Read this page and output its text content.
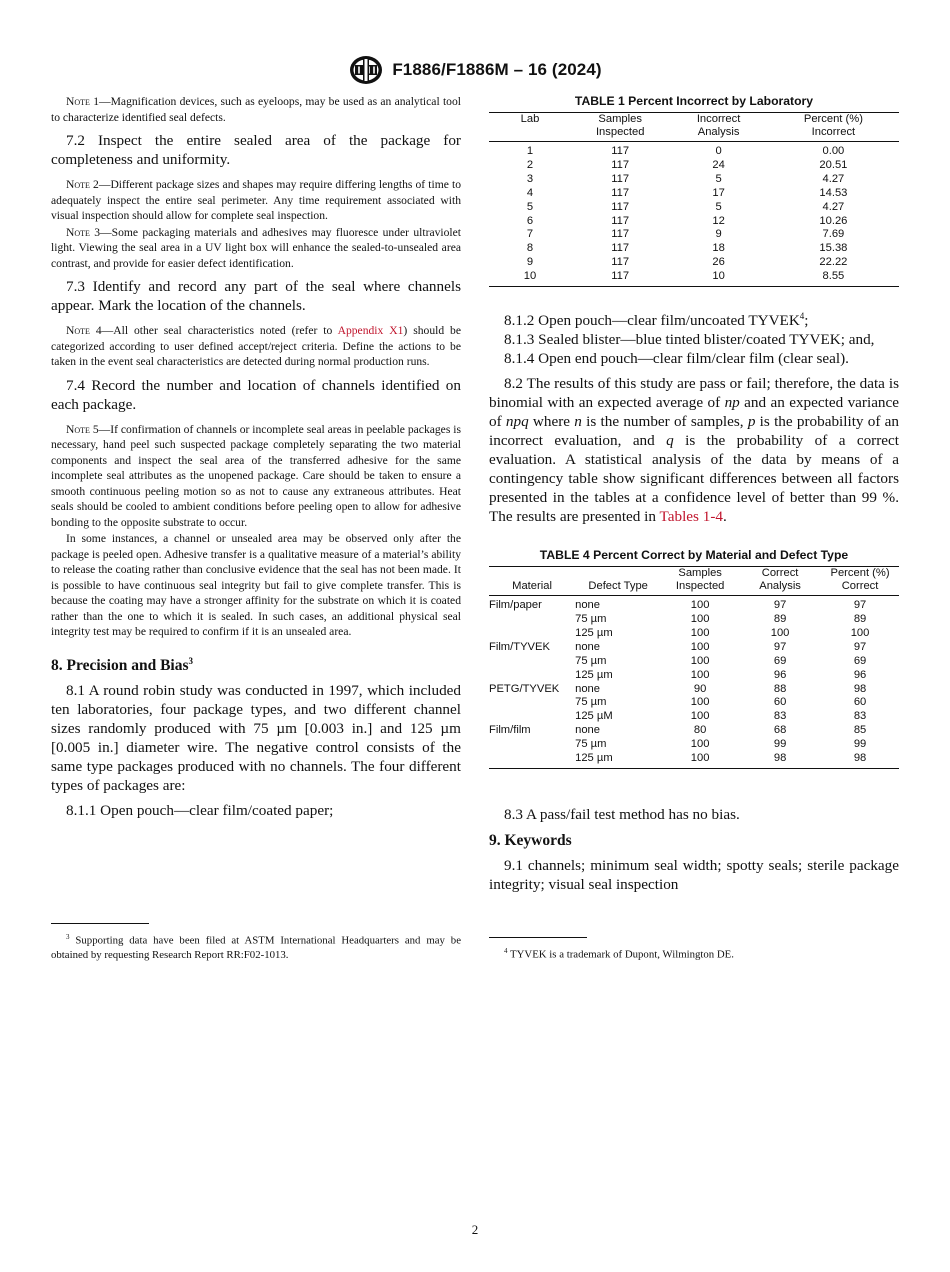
F1886/F1886M – 16 (2024)

Note 1—Magnification devices, such as eyeloops, may be used as an analytical tool to characterize identified seal defects.

7.2 Inspect the entire sealed area of the package for completeness and uniformity.

Note 2—Different package sizes and shapes may require differing lengths of time to adequately inspect the entire seal perimeter. Any time requirement associated with visual inspection should allow for complete seal inspection.

Note 3—Some packaging materials and adhesives may fluoresce under ultraviolet light. Viewing the seal area in a UV light box will enhance the sealed-to-unsealed area contrast, and provide for easier defect identification.

7.3 Identify and record any part of the seal where channels appear. Mark the location of the channels.

Note 4—All other seal characteristics noted (refer to Appendix X1) should be categorized according to user defined accept/reject criteria. Define the actions to be taken in the event seal characteristics are detected during normal production runs.

7.4 Record the number and location of channels identified on each package.

Note 5—If confirmation of channels or incomplete seal areas in peelable packages is necessary, hand peel such suspected package completely separating the two material components and inspect the seal area of the transferred adhesive for the same incomplete seal attributes as the unopened package. Care should be taken to ensure a smooth continuous peeling motion so as not to cause any extraneous attributes. Heat seals should be cooled to ambient conditions before peeling open to allow for adhesive bonding to the opposite substrate to occur.

In some instances, a channel or unsealed area may be observed only after the package is peeled open. Adhesive transfer is a qualitative measure of a material’s ability to release the coating rather than conclusive evidence that the seal has not been made. It is possible to have continuous seal integrity but fail to give complete transfer. This is because the coating may have a stronger affinity for the substrate on which it is coated rather than the one to which it is sealed. In such cases, an additional physical seal integrity test may be required to confirm if it is an unsealed area.

8. Precision and Bias$^3$

8.1 A round robin study was conducted in 1997, which included ten laboratories, four package types, and two different channel sizes randomly produced with 75 µm [0.003 in.] and 125 µm [0.005 in.] diameter wire. The negative control consists of the same type packages produced with no channels. The four different types of packages are:

8.1.1 Open pouch—clear film/coated paper;

$^3$ Supporting data have been filed at ASTM International Headquarters and may be obtained by requesting Research Report RR:F02-1013.
TABLE 1 Percent Incorrect by Laboratory
Lab	Samples	Incorrect	Percent (%)
	Inspected	Analysis	Incorrect
1	117	0	0.00
2	117	24	20.51
3	117	5	4.27
4	117	17	14.53
5	117	5	4.27
6	117	12	10.26
7	117	9	7.69
8	117	18	15.38
9	117	26	22.22
10	117	10	8.55

8.1.2 Open pouch—clear film/uncoated TYVEK$^4$;

8.1.3 Sealed blister—blue tinted blister/coated TYVEK; and,

8.1.4 Open end pouch—clear film/clear film (clear seal).

8.2 The results of this study are pass or fail; therefore, the data is binomial with an expected average of np and an expected variance of npq where n is the number of samples, p is the probability of an incorrect evaluation, and q is the probability of a correct evaluation. A statistical analysis of the data by means of a contingency table show significant differences between all factors presented in the tables at a confidence level of better than 99 %. The results are presented in Tables 1-4.

TABLE 4 Percent Correct by Material and Defect Type
		Samples	Correct	Percent (%)
Material	Defect Type	Inspected	Analysis	Correct
Film/paper	none	100	97	97
	75 µm	100	89	89
	125 µm	100	100	100
Film/TYVEK	none	100	97	97
	75 µm	100	69	69
	125 µm	100	96	96
PETG/TYVEK	none	90	88	98
	75 µm	100	60	60
	125 µM	100	83	83
Film/film	none	80	68	85
	75 µm	100	99	99
	125 µm	100	98	98

8.3 A pass/fail test method has no bias.

9. Keywords

9.1 channels; minimum seal width; spotty seals; sterile package integrity; visual seal inspection

$^4$ TYVEK is a trademark of Dupont, Wilmington DE.
2
